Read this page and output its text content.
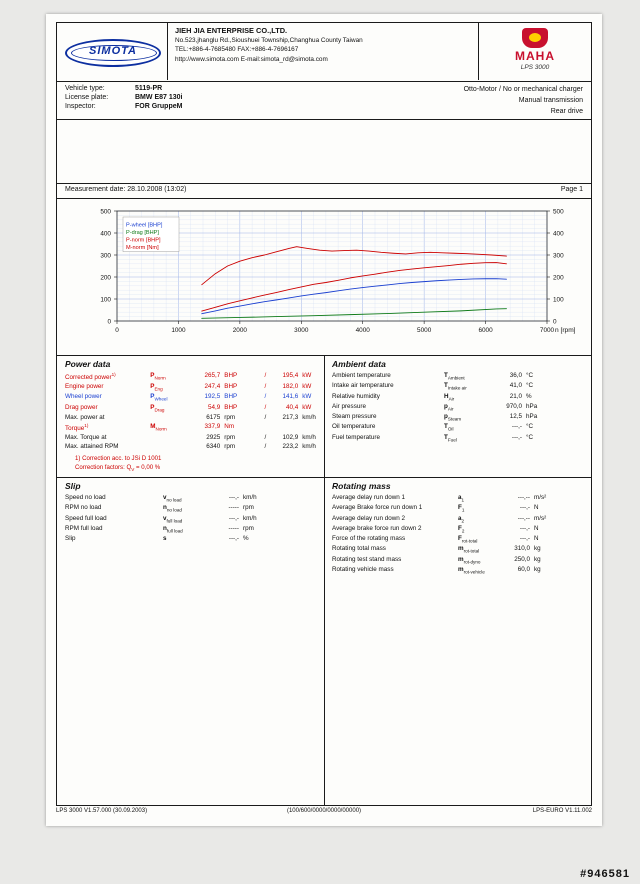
SIMOTA
JIEH JIA ENTERPRISE CO.,LTD.
No.523,jhanglu Rd.,Sioushuei Township,Changhua County Taiwan
TEL:+886-4-7685480 FAX:+886-4-7696167
http://www.simota.com E-mail:simota_rd@simota.com	MAHA
LPS 3000
Vehicle type:	5119-PR
License plate:	BMW E87 130i
Inspector:	FOR GruppeM
Otto-Motor / No or mechanical charger
Manual transmission
Rear drive
Measurement date: 28.10.2008 (13:02)	Page 1
0	1000	2000	3000	4000	5000	6000	7000
0	0
100	100
200	200
300	300
400	400
500	500
n [rpm]
P-wheel [BHP]
P-drag [BHP]
P-norm [BHP]
M-norm [Nm]
Power data
Corrected power$^{1)}$	$P_{Norm}$	265,7	BHP	/	195,4	kW
Engine power	$P_{Eng}$	247,4	BHP	/	182,0	kW
Wheel power	$P_{Wheel}$	192,5	BHP	/	141,6	kW
Drag power	$P_{Drag}$	54,9	BHP	/	40,4	kW
Max. power at		6175	rpm	/	217,3	km/h
Torque$^{1)}$	$M_{Norm}$	337,9	Nm			
Max. Torque at		2925	rpm	/	102,9	km/h
Max. attained RPM		6340	rpm	/	223,2	km/h
1) Correction acc. to JSi D 1001
Correction factors: $Q_V = 0,00$ %
Ambient data
Ambient temperature	$T_{Ambient}$	36,0	°C
Intake air temperature	$T_{Intake air}$	41,0	°C
Relative humidity	$H_{Air}$	21,0	%
Air pressure	$p_{Air}$	970,0	hPa
Steam pressure	$p_{Steam}$	12,5	hPa
Oil temperature	$T_{Oil}$	---,-	°C
Fuel temperature	$T_{Fuel}$	---,-	°C
Slip
Speed no load	$v_{no load}$	---,-	km/h
RPM no load	$n_{no load}$	-----	rpm
Speed full load	$v_{full load}$	---,-	km/h
RPM full load	$n_{full load}$	-----	rpm
Slip	s	---,-	%
Rotating mass
Average delay run down 1	$a_1$	---,--	m/s²
Average Brake force run down 1	$F_1$	---,-	N
Average delay run down 2	$a_2$	---,--	m/s²
Average brake force run down 2	$F_2$	---,-	N
Force of the rotating mass	$F_{rot-total}$	---,-	N
Rotating total mass	$m_{rot-total}$	310,0	kg
Rotating test stand mass	$m_{rot-dyno}$	250,0	kg
Rotating vehicle mass	$m_{rot-vehicle}$	60,0	kg
LPS 3000 V1.57.000 (30.09.2003)	(100/600/0000/0000/00000)	LPS-EURO V1.11.002
#946581
